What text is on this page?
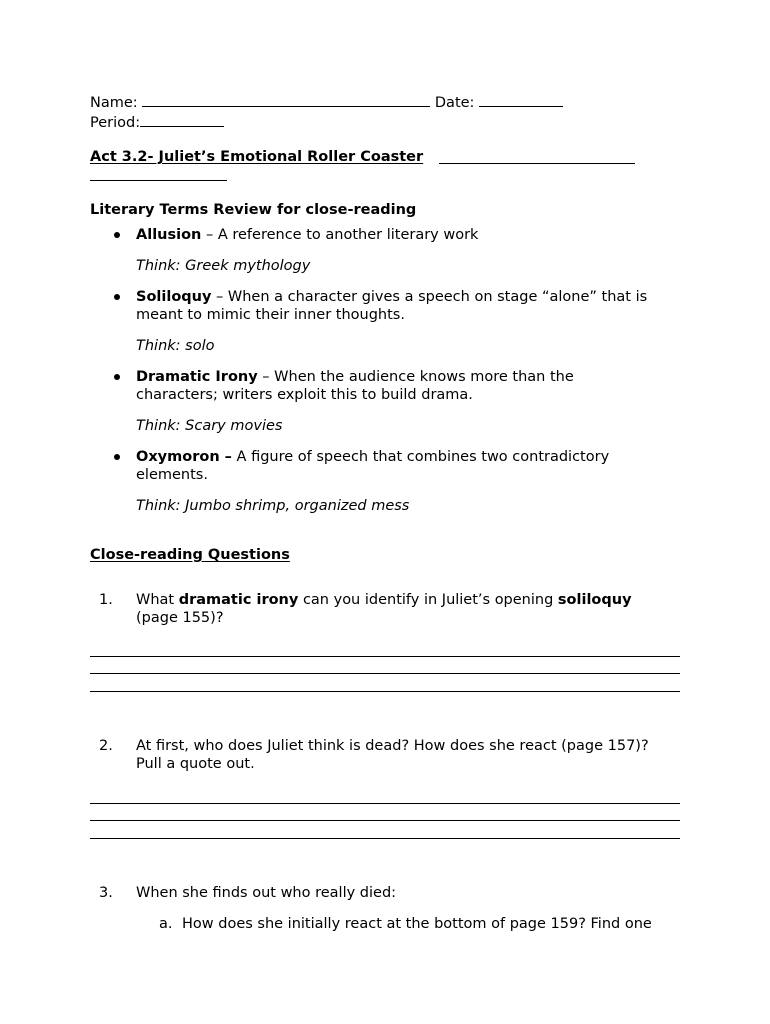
Name:	Date:
Period:
Act 3.2- Juliet’s Emotional Roller Coaster
Literary Terms Review for close-reading
Allusion – A reference to another literary work
Think: Greek mythology
Soliloquy – When a character gives a speech on stage “alone” that is meant to mimic their inner thoughts.
Think: solo
Dramatic Irony – When the audience knows more than the characters; writers exploit this to build drama.
Think: Scary movies
Oxymoron – A figure of speech that combines two contradictory elements.
Think: Jumbo shrimp, organized mess
Close-reading Questions
1. What dramatic irony can you identify in Juliet’s opening soliloquy
(page 155)?
2. At first, who does Juliet think is dead? How does she react (page 157)?
Pull a quote out.
3. When she finds out who really died:
a. How does she initially react at the bottom of page 159? Find one
